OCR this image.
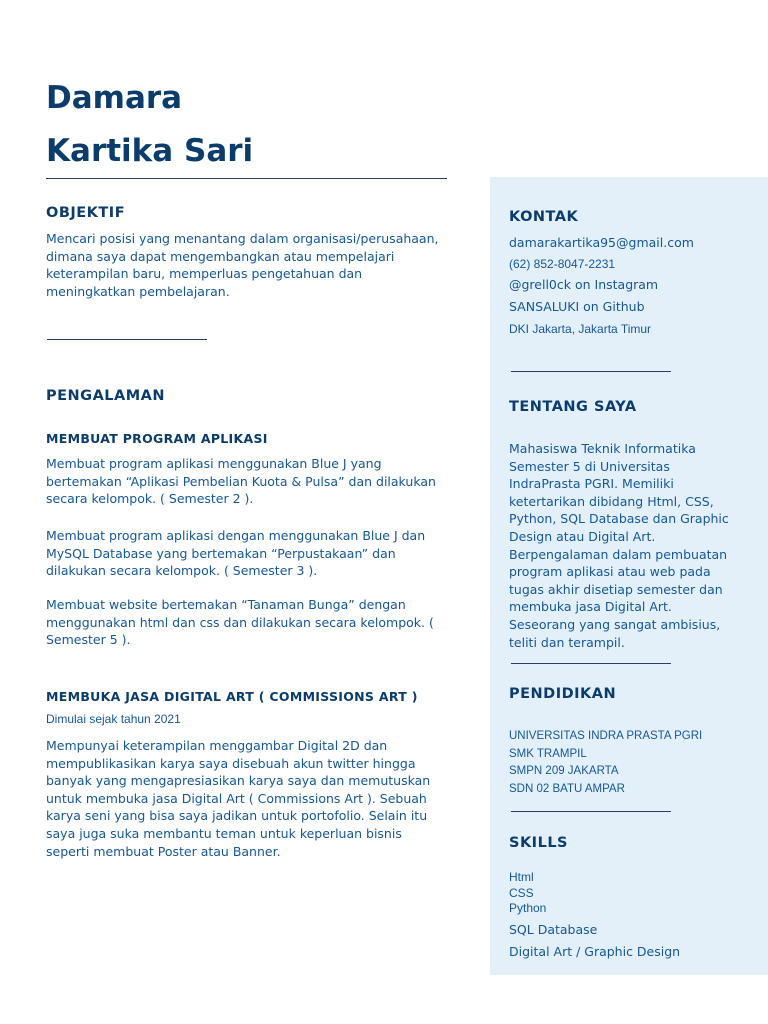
Damara
Kartika Sari
OBJEKTIF

Mencari posisi yang menantang dalam organisasi/perusahaan, dimana saya dapat mengembangkan atau mempelajari keterampilan baru, memperluas pengetahuan dan meningkatkan pembelajaran.

PENGALAMAN
MEMBUAT PROGRAM APLIKASI

Membuat program aplikasi menggunakan Blue J yang bertemakan “Aplikasi Pembelian Kuota & Pulsa” dan dilakukan secara kelompok. ( Semester 2 ).

Membuat program aplikasi dengan menggunakan Blue J dan MySQL Database yang bertemakan “Perpustakaan” dan dilakukan secara kelompok. ( Semester 3 ).

Membuat website bertemakan “Tanaman Bunga” dengan menggunakan html dan css dan dilakukan secara kelompok. ( Semester 5 ).

MEMBUKA JASA DIGITAL ART ( COMMISSIONS ART )

Dimulai sejak tahun 2021

Mempunyai keterampilan menggambar Digital 2D dan mempublikasikan karya saya disebuah akun twitter hingga banyak yang mengapresiasikan karya saya dan memutuskan untuk membuka jasa Digital Art ( Commissions Art ). Sebuah karya seni yang bisa saya jadikan untuk portofolio. Selain itu saya juga suka membantu teman untuk keperluan bisnis seperti membuat Poster atau Banner.

KONTAK

damarakartika95@gmail.com

(62) 852-8047-2231

@grell0ck on Instagram

SANSALUKI on Github

DKI Jakarta, Jakarta Timur

TENTANG SAYA

Mahasiswa Teknik Informatika Semester 5 di Universitas IndraPrasta PGRI. Memiliki ketertarikan dibidang Html, CSS, Python, SQL Database dan Graphic Design atau Digital Art. Berpengalaman dalam pembuatan program aplikasi atau web pada tugas akhir disetiap semester dan membuka jasa Digital Art. Seseorang yang sangat ambisius, teliti dan terampil.

PENDIDIKAN
UNIVERSITAS INDRA PRASTA PGRI
SMK TRAMPIL
SMPN 209 JAKARTA
SDN 02 BATU AMPAR
SKILLS
Html
CSS
Python

SQL Database

Digital Art / Graphic Design
